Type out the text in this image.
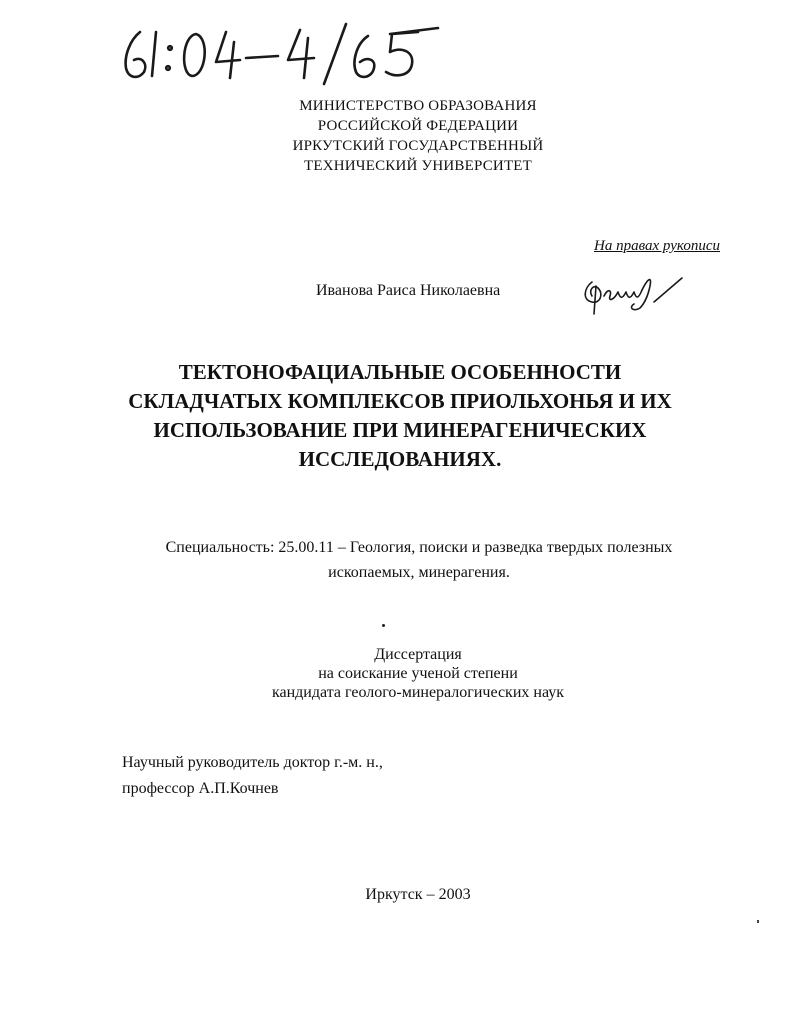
МИНИСТЕРСТВО ОБРАЗОВАНИЯ
РОССИЙСКОЙ ФЕДЕРАЦИИ
ИРКУТСКИЙ ГОСУДАРСТВЕННЫЙ
ТЕХНИЧЕСКИЙ УНИВЕРСИТЕТ
На правах рукописи
Иванова Раиса Николаевна
ТЕКТОНОФАЦИАЛЬНЫЕ ОСОБЕННОСТИ
СКЛАДЧАТЫХ КОМПЛЕКСОВ ПРИОЛЬХОНЬЯ И ИХ
ИСПОЛЬЗОВАНИЕ ПРИ МИНЕРАГЕНИЧЕСКИХ
ИССЛЕДОВАНИЯХ.
Специальность: 25.00.11 – Геология, поиски и разведка твердых полезных
ископаемых, минерагения.
Диссертация
на соискание ученой степени
кандидата геолого-минералогических наук
Научный руководитель доктор г.-м. н.,
профессор А.П.Кочнев
Иркутск – 2003
